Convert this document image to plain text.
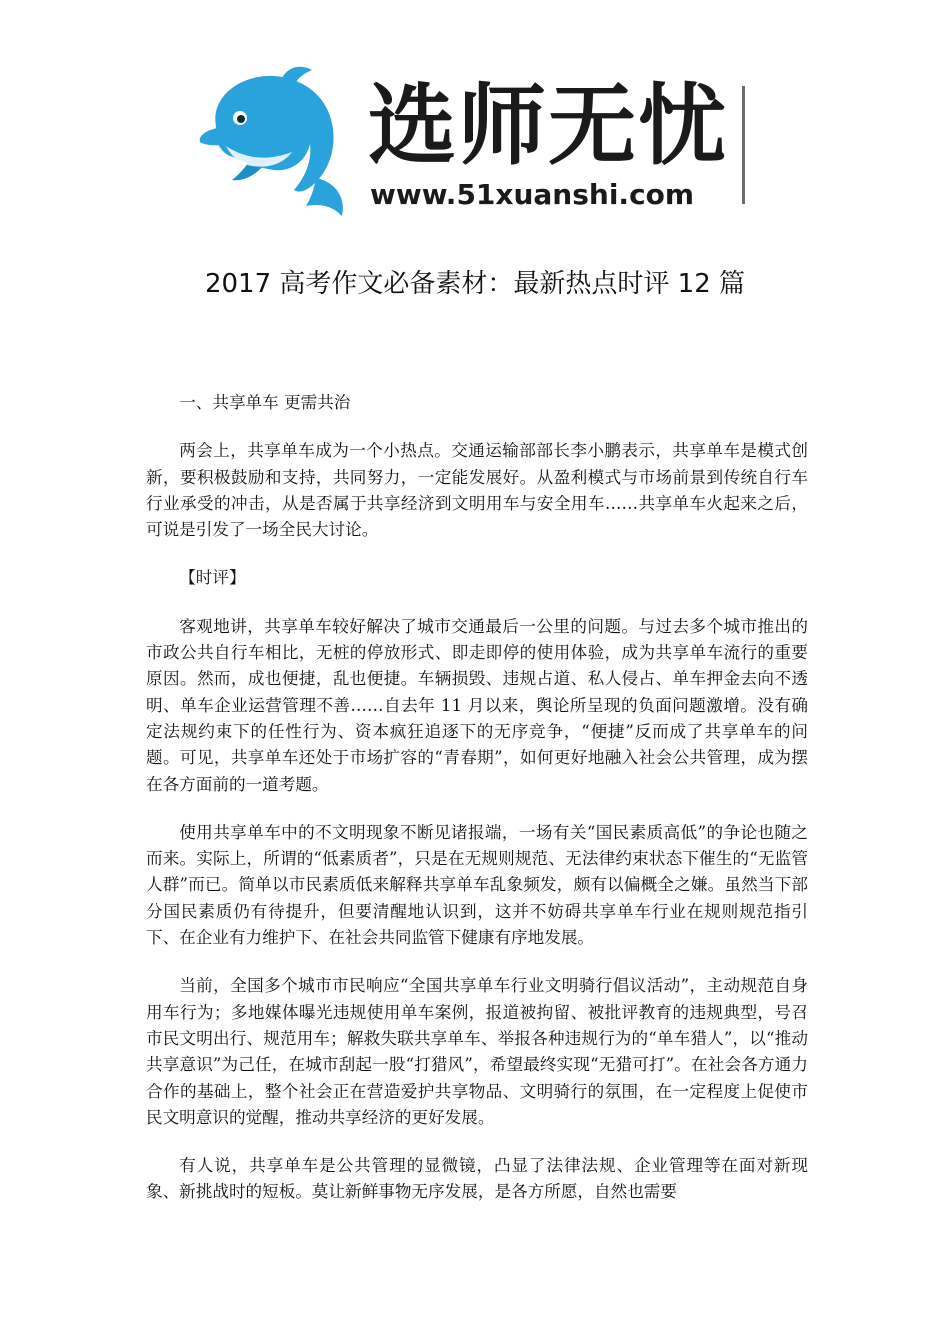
选师无忧
www.51xuanshi.com
2017 高考作文必备素材：最新热点时评 12 篇

一、共享单车 更需共治

两会上，共享单车成为一个小热点。交通运输部部长李小鹏表示，共享单车是模式创新，要积极鼓励和支持，共同努力，一定能发展好。从盈利模式与市场前景到传统自行车行业承受的冲击，从是否属于共享经济到文明用车与安全用车……共享单车火起来之后，可说是引发了一场全民大讨论。

【时评】

客观地讲，共享单车较好解决了城市交通最后一公里的问题。与过去多个城市推出的市政公共自行车相比，无桩的停放形式、即走即停的使用体验，成为共享单车流行的重要原因。然而，成也便捷，乱也便捷。车辆损毁、违规占道、私人侵占、单车押金去向不透明、单车企业运营管理不善……自去年 11 月以来，舆论所呈现的负面问题激增。没有确定法规约束下的任性行为、资本疯狂追逐下的无序竞争，“便捷”反而成了共享单车的问题。可见，共享单车还处于市场扩容的“青春期”，如何更好地融入社会公共管理，成为摆在各方面前的一道考题。

使用共享单车中的不文明现象不断见诸报端，一场有关“国民素质高低”的争论也随之而来。实际上，所谓的“低素质者”，只是在无规则规范、无法律约束状态下催生的“无监管人群”而已。简单以市民素质低来解释共享单车乱象频发，颇有以偏概全之嫌。虽然当下部分国民素质仍有待提升，但要清醒地认识到，这并不妨碍共享单车行业在规则规范指引下、在企业有力维护下、在社会共同监管下健康有序地发展。

当前，全国多个城市市民响应“全国共享单车行业文明骑行倡议活动”，主动规范自身用车行为；多地媒体曝光违规使用单车案例，报道被拘留、被批评教育的违规典型，号召市民文明出行、规范用车；解救失联共享单车、举报各种违规行为的“单车猎人”，以“推动共享意识”为己任，在城市刮起一股“打猎风”，希望最终实现“无猎可打”。在社会各方通力合作的基础上，整个社会正在营造爱护共享物品、文明骑行的氛围，在一定程度上促使市民文明意识的觉醒，推动共享经济的更好发展。

有人说，共享单车是公共管理的显微镜，凸显了法律法规、企业管理等在面对新现象、新挑战时的短板。莫让新鲜事物无序发展，是各方所愿，自然也需要
